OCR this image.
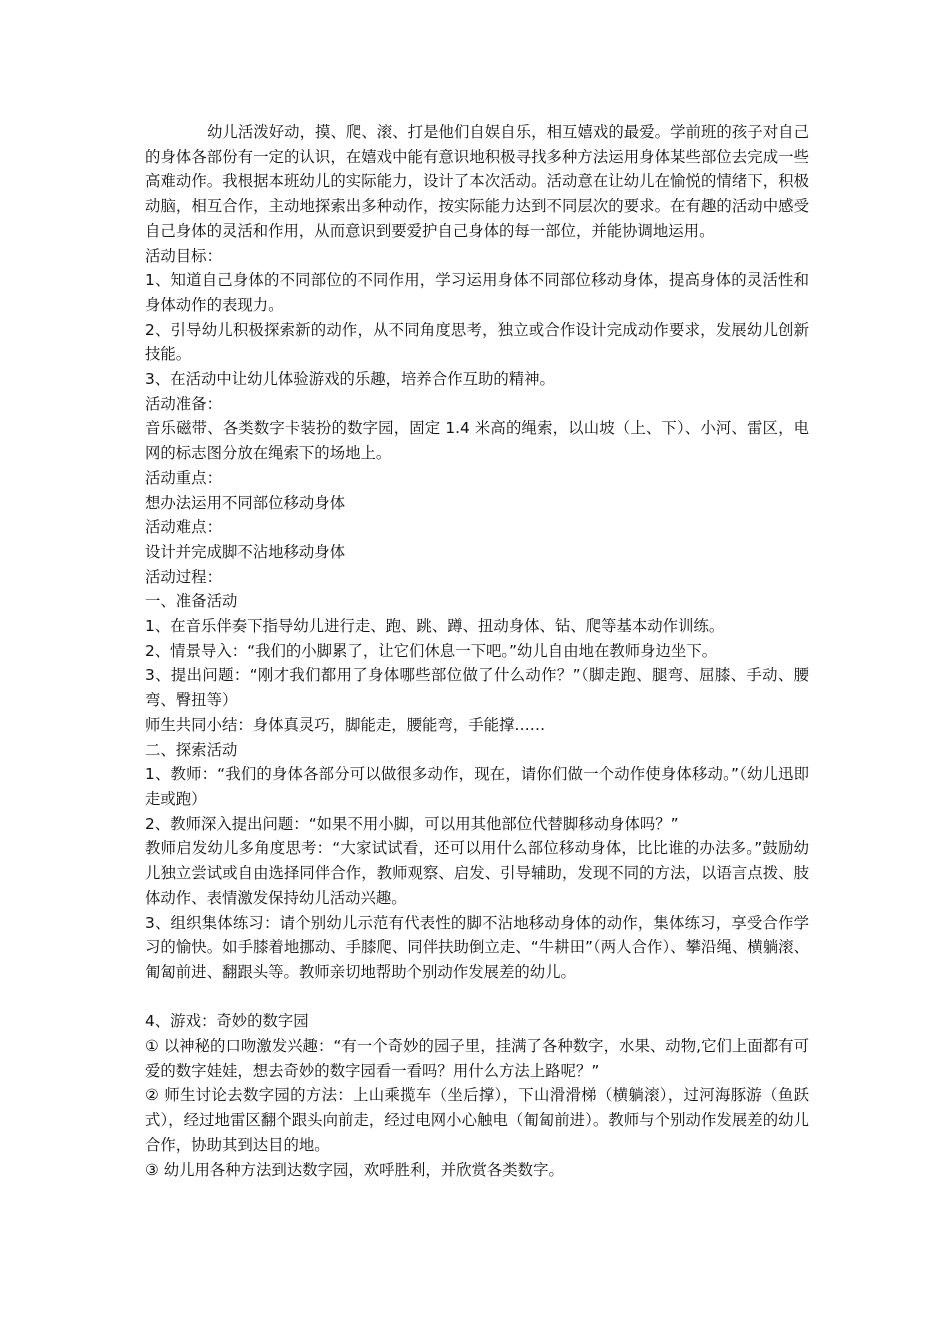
幼儿活泼好动，摸、爬、滚、打是他们自娱自乐，相互嬉戏的最爱。学前班的孩子对自己的身体各部份有一定的认识，在嬉戏中能有意识地积极寻找多种方法运用身体某些部位去完成一些高难动作。我根据本班幼儿的实际能力，设计了本次活动。活动意在让幼儿在愉悦的情绪下，积极动脑，相互合作，主动地探索出多种动作，按实际能力达到不同层次的要求。在有趣的活动中感受自己身体的灵活和作用，从而意识到要爱护自己身体的每一部位，并能协调地运用。

活动目标：

1、知道自己身体的不同部位的不同作用，学习运用身体不同部位移动身体，提高身体的灵活性和身体动作的表现力。

2、引导幼儿积极探索新的动作，从不同角度思考，独立或合作设计完成动作要求，发展幼儿创新技能。

3、在活动中让幼儿体验游戏的乐趣，培养合作互助的精神。

活动准备：

音乐磁带、各类数字卡装扮的数字园，固定 1.4 米高的绳索，以山坡（上、下）、小河、雷区，电网的标志图分放在绳索下的场地上。

活动重点：

想办法运用不同部位移动身体

活动难点：

设计并完成脚不沾地移动身体

活动过程：

一、准备活动

1、在音乐伴奏下指导幼儿进行走、跑、跳、蹲、扭动身体、钻、爬等基本动作训练。

2、情景导入：“我们的小脚累了，让它们休息一下吧。”幼儿自由地在教师身边坐下。

3、提出问题：“刚才我们都用了身体哪些部位做了什么动作？”（脚走跑、腿弯、屈膝、手动、腰弯、臀扭等）

师生共同小结：身体真灵巧，脚能走，腰能弯，手能撑……

二、探索活动

1、教师：“我们的身体各部分可以做很多动作，现在，请你们做一个动作使身体移动。”（幼儿迅即走或跑）

2、教师深入提出问题：“如果不用小脚，可以用其他部位代替脚移动身体吗？”

教师启发幼儿多角度思考：“大家试试看，还可以用什么部位移动身体，比比谁的办法多。”鼓励幼儿独立尝试或自由选择同伴合作，教师观察、启发、引导辅助，发现不同的方法，以语言点拨、肢体动作、表情激发保持幼儿活动兴趣。

3、组织集体练习：请个别幼儿示范有代表性的脚不沾地移动身体的动作，集体练习，享受合作学习的愉快。如手膝着地挪动、手膝爬、同伴扶助倒立走、“牛耕田”（两人合作）、攀沿绳、横躺滚、匍匐前进、翻跟头等。教师亲切地帮助个别动作发展差的幼儿。

4、游戏：奇妙的数字园

① 以神秘的口吻激发兴趣：“有一个奇妙的园子里，挂满了各种数字，水果、动物,它们上面都有可爱的数字娃娃，想去奇妙的数字园看一看吗？用什么方法上路呢？”

② 师生讨论去数字园的方法：上山乘揽车（坐后撑），下山滑滑梯（横躺滚），过河海豚游（鱼跃式），经过地雷区翻个跟头向前走，经过电网小心触电（匍匐前进）。教师与个别动作发展差的幼儿合作，协助其到达目的地。

③ 幼儿用各种方法到达数字园，欢呼胜利，并欣赏各类数字。
